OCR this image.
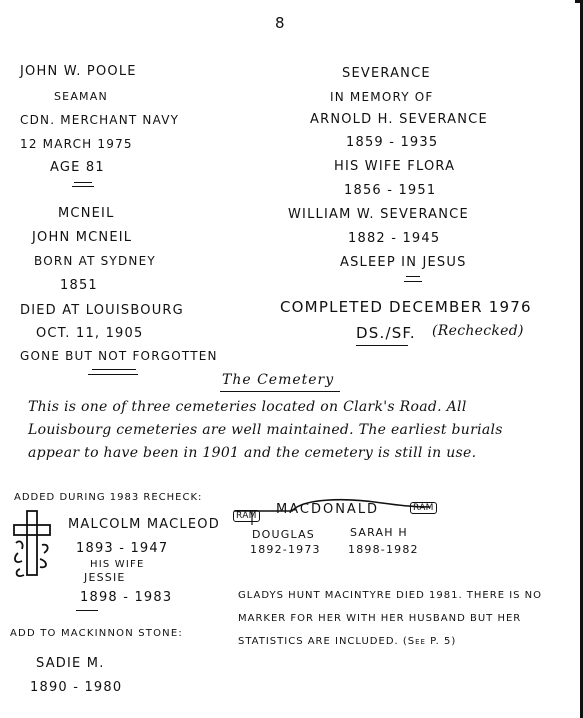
8
JOHN W. POOLE
SEAMAN
CDN. MERCHANT NAVY
12 MARCH 1975
AGE 81
MCNEIL
JOHN MCNEIL
BORN AT SYDNEY
1851
DIED AT LOUISBOURG
OCT. 11, 1905
GONE BUT NOT FORGOTTEN
SEVERANCE
IN MEMORY OF
ARNOLD H. SEVERANCE
1859 - 1935
HIS WIFE FLORA
1856 - 1951
WILLIAM W. SEVERANCE
1882 - 1945
ASLEEP IN JESUS
COMPLETED DECEMBER 1976
DS./SF. (Rechecked)
The Cemetery
This is one of three cemeteries located on Clark's Road. All
Louisbourg cemeteries are well maintained. The earliest burials
appear to have been in 1901 and the cemetery is still in use.
ADDED DURING 1983 RECHECK:
MALCOLM MACLEOD
1893 - 1947
HIS WIFE
JESSIE
1898 - 1983
ADD TO MACKINNON STONE:
SADIE M.
1890 - 1980
RAM MACDONALD	RAM
DOUGLAS
1892-1973
SARAH H
1898-1982
GLADYS HUNT MACINTYRE DIED 1981. THERE IS NO
MARKER FOR HER WITH HER HUSBAND BUT HER
STATISTICS ARE INCLUDED. (See P. 5)
